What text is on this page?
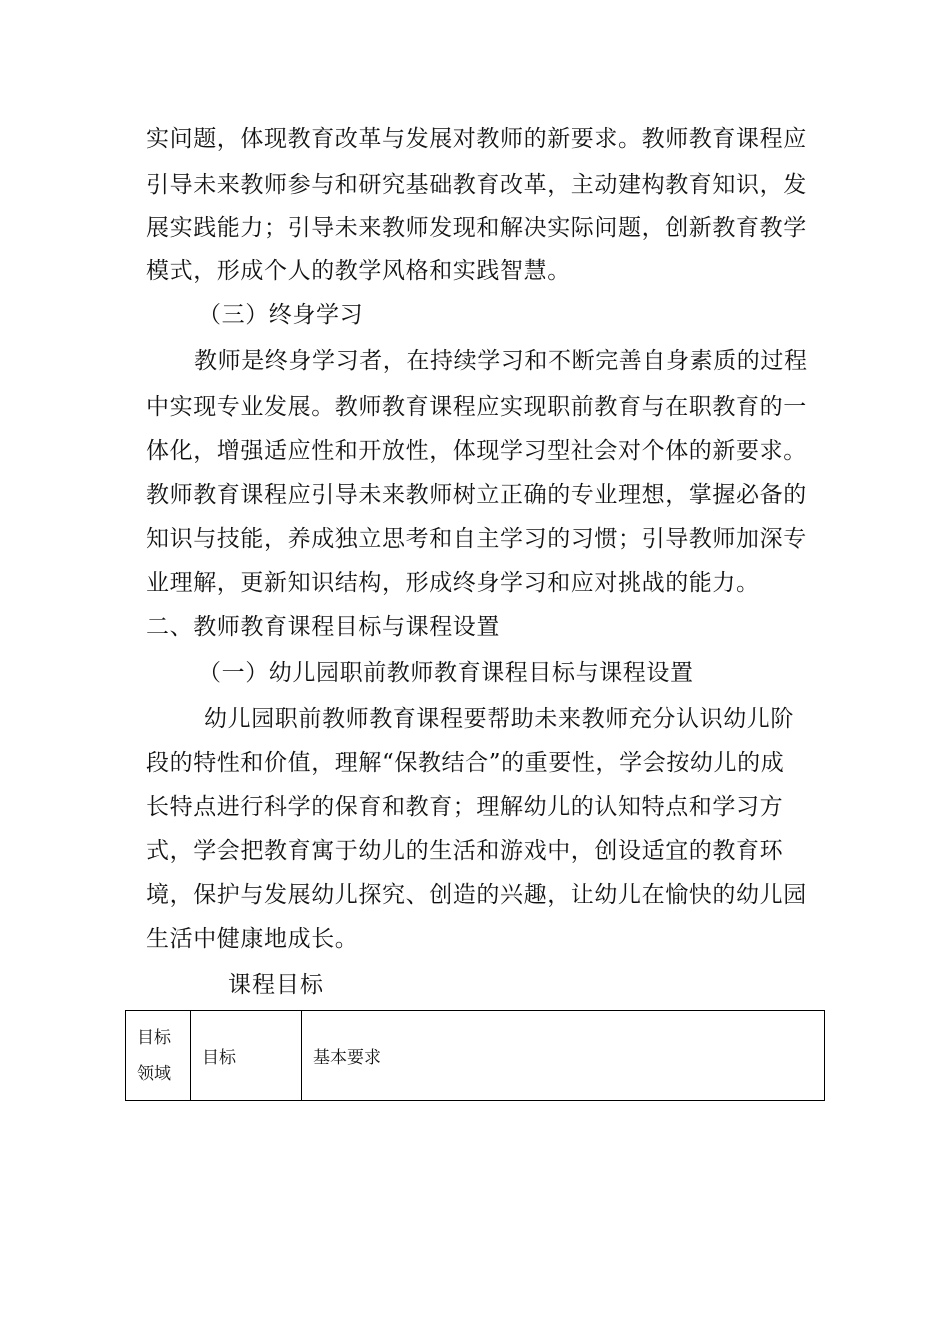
实问题，体现教育改革与发展对教师的新要求。教师教育课程应
引导未来教师参与和研究基础教育改革，主动建构教育知识，发
展实践能力；引导未来教师发现和解决实际问题，创新教育教学
模式，形成个人的教学风格和实践智慧。
（三）终身学习
教师是终身学习者，在持续学习和不断完善自身素质的过程
中实现专业发展。教师教育课程应实现职前教育与在职教育的一
体化，增强适应性和开放性，体现学习型社会对个体的新要求。
教师教育课程应引导未来教师树立正确的专业理想，掌握必备的
知识与技能，养成独立思考和自主学习的习惯；引导教师加深专
业理解，更新知识结构，形成终身学习和应对挑战的能力。
二、教师教育课程目标与课程设置
（一）幼儿园职前教师教育课程目标与课程设置
幼儿园职前教师教育课程要帮助未来教师充分认识幼儿阶
段的特性和价值，理解“保教结合”的重要性，学会按幼儿的成
长特点进行科学的保育和教育；理解幼儿的认知特点和学习方
式，学会把教育寓于幼儿的生活和游戏中，创设适宜的教育环
境，保护与发展幼儿探究、创造的兴趣，让幼儿在愉快的幼儿园
生活中健康地成长。
课程目标
目标
领域
	目标	基本要求
